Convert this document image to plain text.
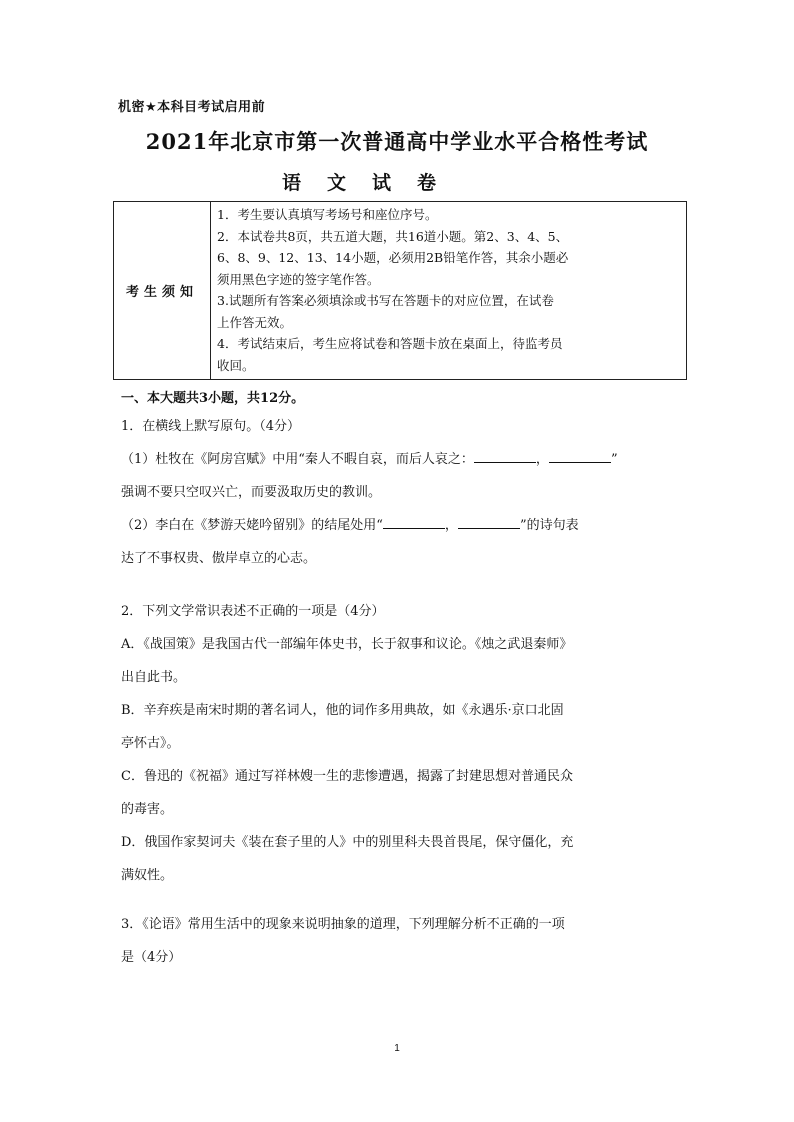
机密★本科目考试启用前
2021年北京市第一次普通高中学业水平合格性考试
语文试卷
考生须知	
1．考生要认真填写考场号和座位序号。
2．本试卷共8页，共五道大题，共16道小题。第2、3、4、5、
6、8、9、12、13、14小题，必须用2B铅笔作答，其余小题必
须用黑色字迹的签字笔作答。
3.试题所有答案必须填涂或书写在答题卡的对应位置，在试卷
上作答无效。
4．考试结束后，考生应将试卷和答题卡放在桌面上，待监考员
收回。
一、本大题共3小题，共12分。
1．在横线上默写原句。（4分）
（1）杜牧在《阿房宫赋》中用“秦人不暇自哀，而后人哀之：	，	”
强调不要只空叹兴亡，而要汲取历史的教训。
（2）李白在《梦游天姥吟留别》的结尾处用“	，	”的诗句表
达了不事权贵、傲岸卓立的心志。
2．下列文学常识表述不正确的一项是（4分）
A．《战国策》是我国古代一部编年体史书，长于叙事和议论。《烛之武退秦师》
出自此书。
B．辛弃疾是南宋时期的著名词人，他的词作多用典故，如《永遇乐·京口北固
亭怀古》。
C．鲁迅的《祝福》通过写祥林嫂一生的悲惨遭遇，揭露了封建思想对普通民众
的毒害。
D．俄国作家契诃夫《装在套子里的人》中的别里科夫畏首畏尾，保守僵化，充
满奴性。
3．《论语》常用生活中的现象来说明抽象的道理，下列理解分析不正确的一项
是（4分）
1
